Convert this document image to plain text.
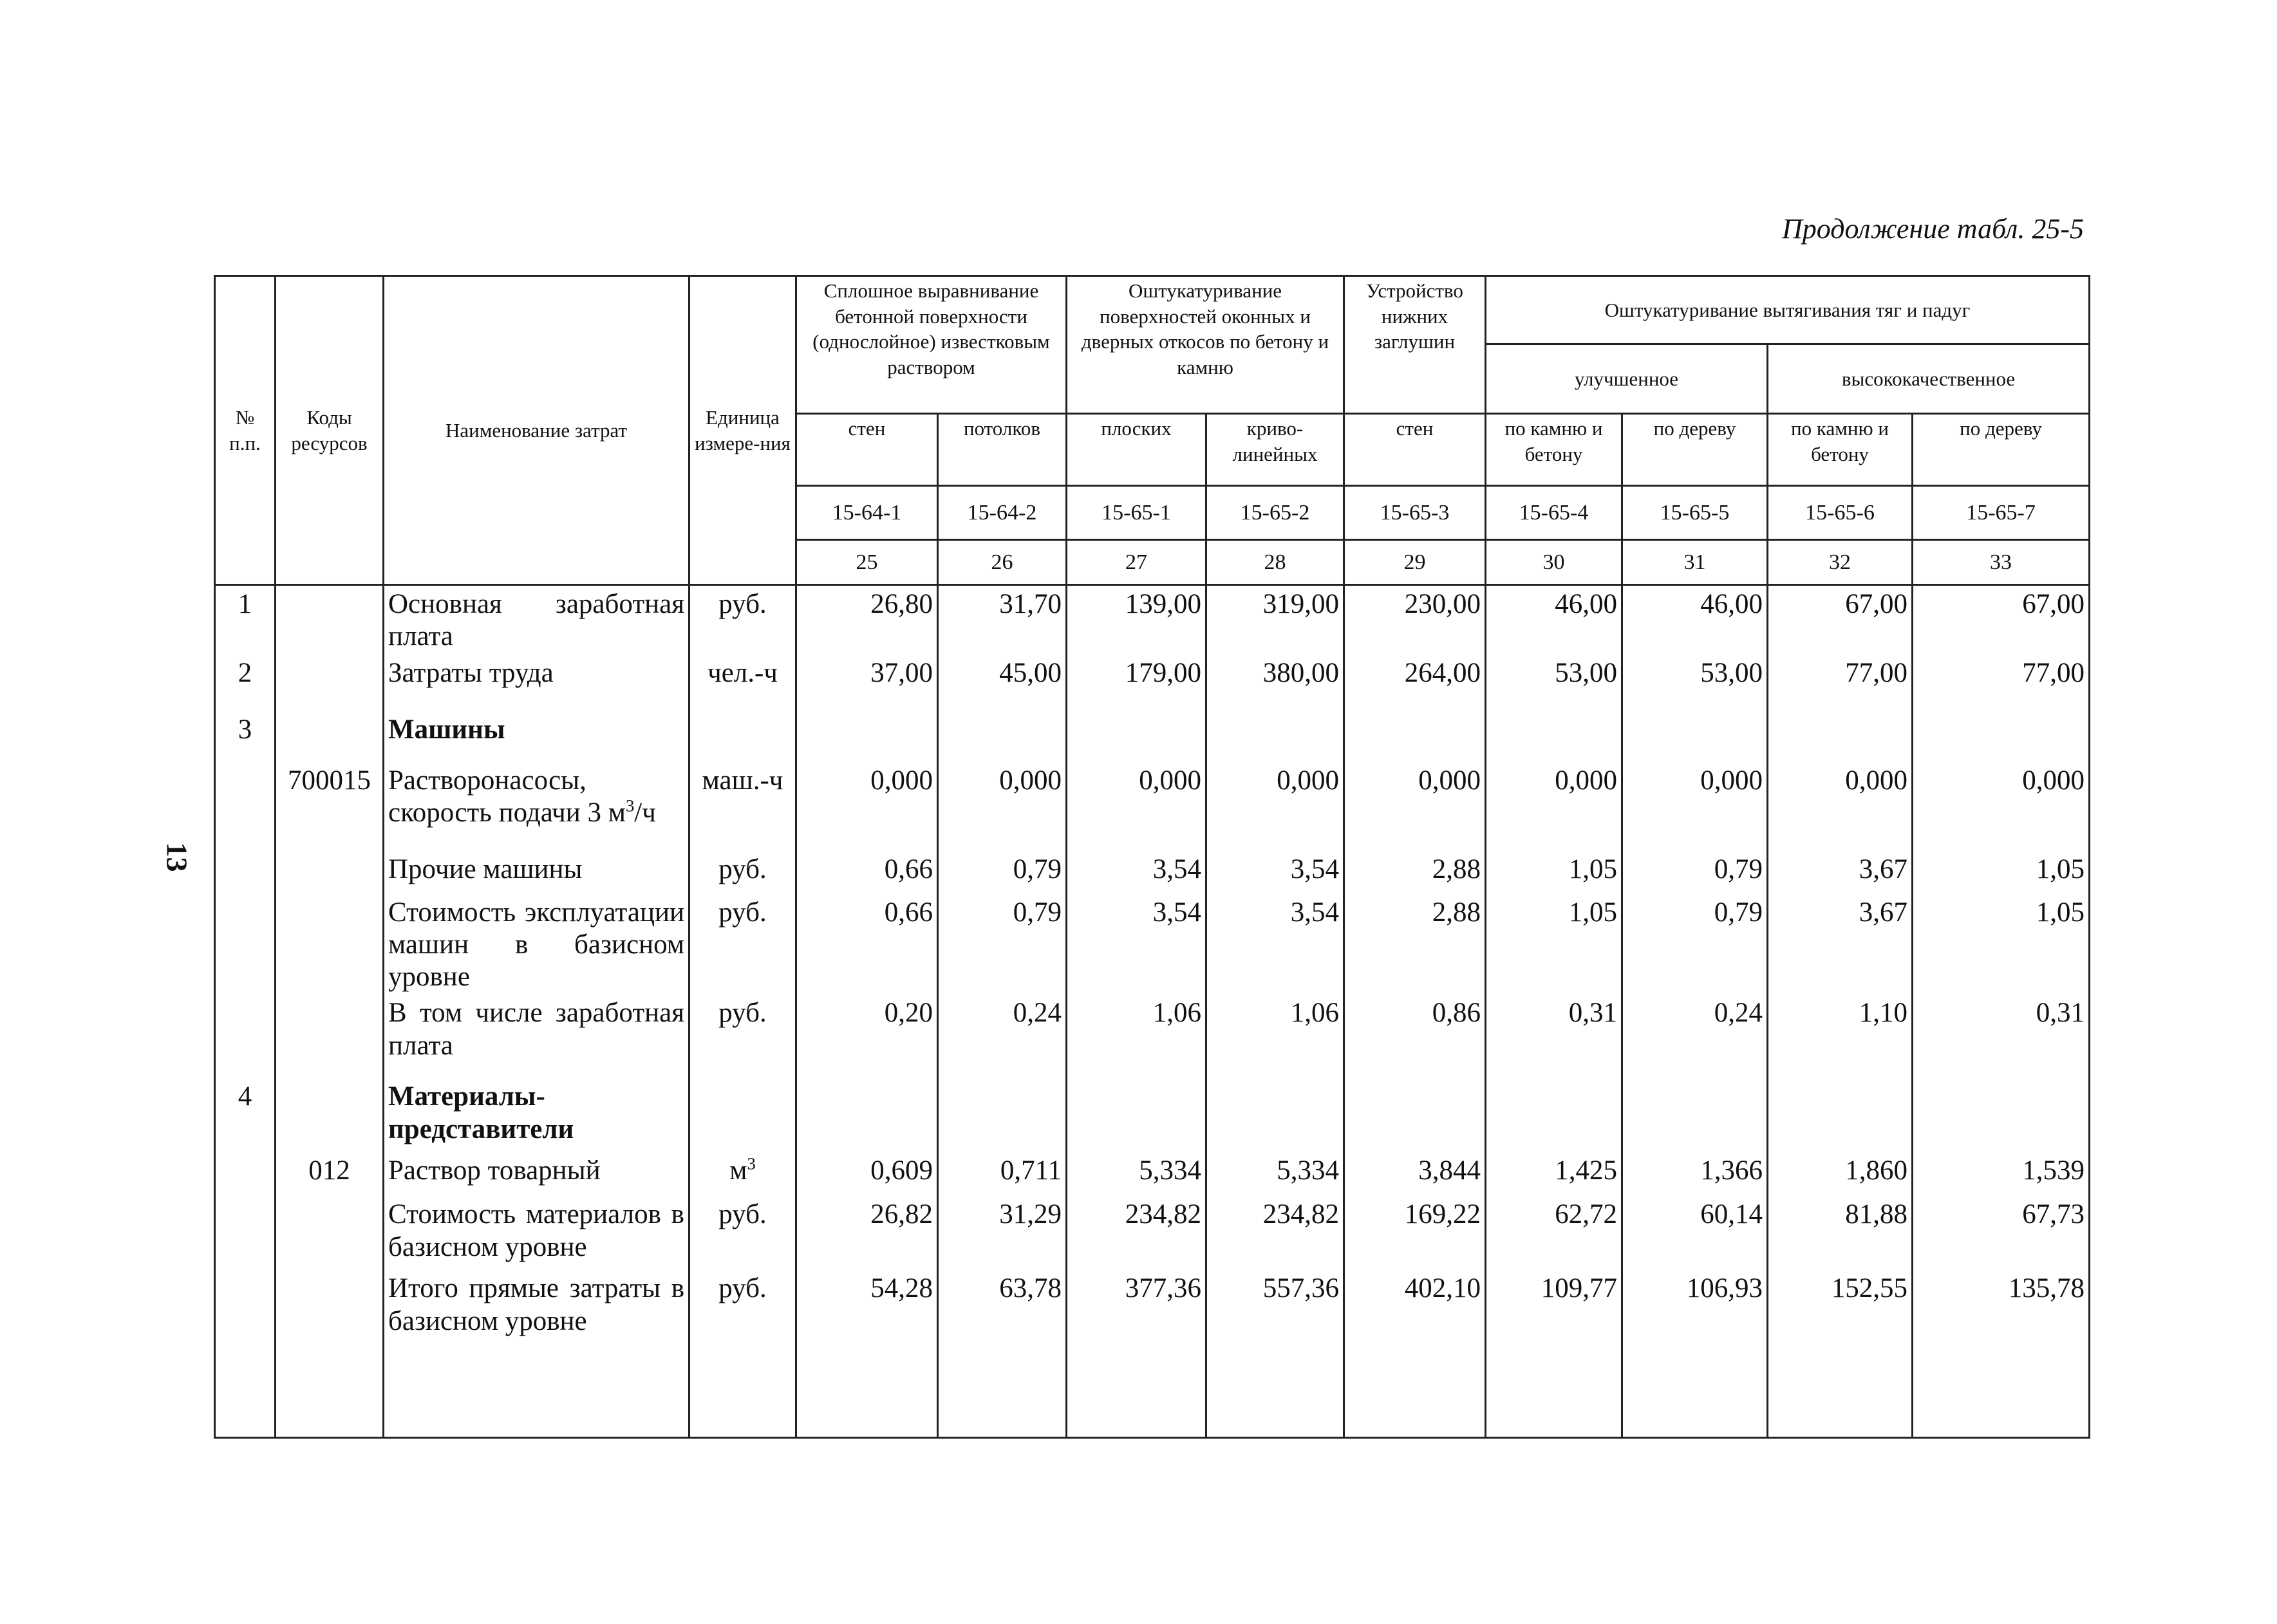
Продолжение табл. 25-5
13
№ п.п.	Коды ресурсов	Наименование затрат	Единица измере-ния	Сплошное выравнивание бетонной поверхности (однослойное) известковым раствором		Оштукатуривание поверхностей оконных и дверных откосов по бетону и камню		Устройство нижних заглушин	Оштукатуривание вытягивания тяг и падуг			
									улучшенное		высококачественное	
				стен	потолков	плоских	криво-линейных	стен	по камню и бетону	по дереву	по камню и бетону	по дереву
				15-64-1	15-64-2	15-65-1	15-65-2	15-65-3	15-65-4	15-65-5	15-65-6	15-65-7
				25	26	27	28	29	30	31	32	33
1		Основная заработная плата	руб.	26,80	31,70	139,00	319,00	230,00	46,00	46,00	67,00	67,00
2		Затраты труда	чел.-ч	37,00	45,00	179,00	380,00	264,00	53,00	53,00	77,00	77,00
3		Машины										
	700015	Растворонасосы, скорость подачи 3 $м^3/ч$	маш.-ч	0,000	0,000	0,000	0,000	0,000	0,000	0,000	0,000	0,000
		Прочие машины	руб.	0,66	0,79	3,54	3,54	2,88	1,05	0,79	3,67	1,05
		Стоимость эксплуатации машин в базисном уровне	руб.	0,66	0,79	3,54	3,54	2,88	1,05	0,79	3,67	1,05
		В том числе заработная плата	руб.	0,20	0,24	1,06	1,06	0,86	0,31	0,24	1,10	0,31
4		Материалы-представители										
	012	Раствор товарный	$м^3$	0,609	0,711	5,334	5,334	3,844	1,425	1,366	1,860	1,539
		Стоимость материалов в базисном уровне	руб.	26,82	31,29	234,82	234,82	169,22	62,72	60,14	81,88	67,73
		Итого прямые затраты в базисном уровне	руб.	54,28	63,78	377,36	557,36	402,10	109,77	106,93	152,55	135,78
